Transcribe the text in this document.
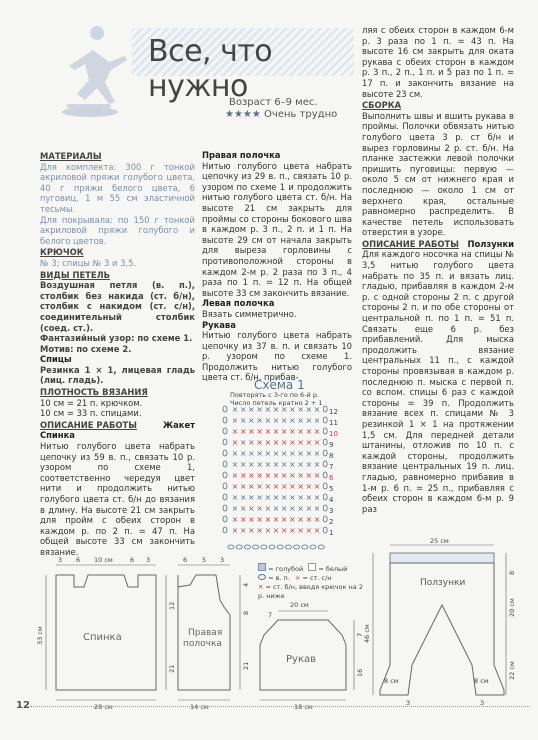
Все, что нужно
Возраст 6–9 мес.
★★★★ Очень трудно
МАТЕРИАЛЫ

Для комплекта: 300 г тонкой акриловой пряжи голубого цвета, 40 г пряжи белого цвета, 6 пуговиц, 1 м 55 см эластичной тесьмы.

Для покрывала: по 150 г тонкой акриловой пряжи голубого и белого цветов.

КРЮЧОК

№ 3; спицы № 3 и 3,5.

ВИДЫ ПЕТЕЛЬ

Воздушная петля (в. п.), столбик без накида (ст. б/н), столбик с накидом (ст. с/н), соединительный столбик (соед. ст.).

Фантазийный узор: по схеме 1.

Мотив: по схеме 2.

Спицы

Резинка 1 × 1, лицевая гладь (лиц. гладь).

ПЛОТНОСТЬ ВЯЗАНИЯ

10 см = 21 п. крючком.

10 см = 33 п. спицами.

ОПИСАНИЕ РАБОТЫ	Жакет

Спинка

Нитью голубого цвета набрать цепочку из 59 в. п., связать 10 р. узором по схеме 1, соответственно чередуя цвет нити и продолжить нитью голубого цвета ст. б/н до вязания в длину. На высоте 21 см закрыть для пройм с обеих сторон в каждом р. по 2 п. = 47 п. На общей высоте 33 см закончить вязание.

Правая полочка

Нитью голубого цвета набрать цепочку из 29 в. п., связать 10 р. узором по схеме 1 и продолжить нитью голубого цвета ст. б/н. На высоте 21 см закрыть для проймы со стороны бокового шва в каждом р. 3 п., 2 п. и 1 п. На высоте 29 см от начала закрыть для выреза горловины с противоположной стороны в каждом 2-м р. 2 раза по 3 п., 4 раза по 1 п. = 12 п. На общей высоте 33 см закончить вязание.

Левая полочка

Вязать симметрично.

Рукава

Нитью голубого цвета набрать цепочку из 37 в. п. и связать 10 р. узором по схеме 1. Продолжить нитью голубого цвета ст. б/н, прибав-

ляя с обеих сторон в каждом 6-м р. 3 раза по 1 п. = 43 п. На высоте 16 см закрыть для оката рукава с обеих сторон в каждом р. 3 п., 2 п., 1 п. и 5 раз по 1 п. = 17 п. и закончить вязание на высоте 23 см.

СБОРКА

Выполнить швы и вшить рукава в проймы. Полочки обвязать нитью голубого цвета 3 р. ст б/н и вырез горловины 2 р. ст. б/н. На планке застежки левой полочки пришить пуговицы: первую — около 5 см от нижнего края и последнюю — около 1 см от верхнего края, остальные равномерно распределить. В качестве петель использовать отверстия в узоре.

ОПИСАНИЕ РАБОТЫ Ползунки

Для каждого носочка на спицы № 3,5 нитью голубого цвета набрать по 35 п. и вязать лиц. гладью, прибавляя в каждом 2-м р. с одной стороны 2 п. с другой стороны 2 п. и по обе стороны от центральной п. по 1 п. = 51 п. Связать еще 6 р. без прибавлений. Для мыска продолжить вязание центральных 11 п., с каждой стороны провязывая в каждом р. последнюю п. мыска с первой п. со вспом. спицы 6 раз с каждой стороны = 39 п. Продолжить вязание всех п. спицами № 3 резинкой 1 × 1 на протяжении 1,5 см. Для передней детали штанины, отложив по 10 п. с каждой стороны, продолжить вязание центральных 19 п. лиц. гладью, равномерно прибавив в 1-м р. 6 п. = 25 п., прибавляя с обеих сторон в каждом 6-м р. 9 раз

Схема 1
Повторять с 3-го по 6-й р.
Число петель кратно 2 + 1
× × × × × × × × × × ×
× × × × × × × × × × ×
× × × × × × × × × × ×
× × × × × × × × × × ×
× × × × × × × × × × ×
× × × × × × × × × × ×
× × × × × × × × × × ×
× × × × × × × × × × ×
× × × × × × × × × × ×
× × × × × × × × × × ×
× × × × × × × × × × ×
× × × × × × × × × × ×
12
11
10
9
8
7
6
5
4
3
2
1
= голубой = белый
= в. п. × = ст. с/н
✕ = ст. б/н, вводя крючок на 2 р. ниже
Спинка
3 6 10 см	6 3
33 см
12
21
28 см
Правая полочка
6 5 3
4
8
21
14 см
Рукав
7
20 см
7
16
18 см
Ползунки
25 см
8
20 см
46 см
22 см
8 см	8 см
3	3
12
